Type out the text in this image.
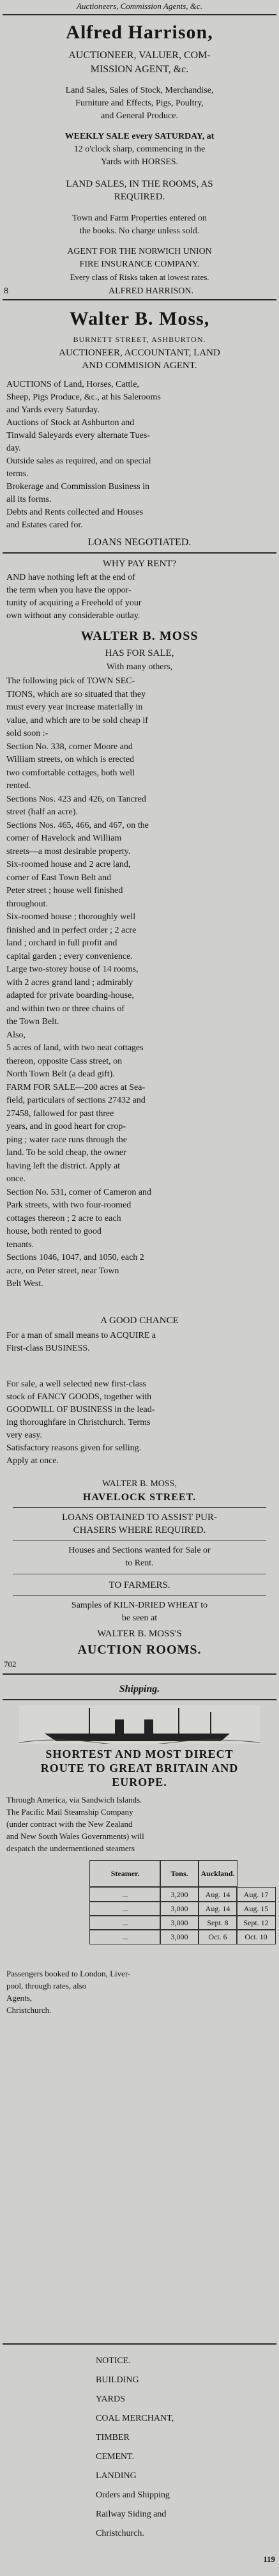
Auctioneers, Commission Agents, &c.
Alfred Harrison,
AUCTIONEER, VALUER, COM-
MISSION AGENT, &c.
Land Sales, Sales of Stock, Merchandise,
Furniture and Effects, Pigs, Poultry,
and General Produce.
WEEKLY SALE every SATURDAY, at
12 o'clock sharp, commencing in the
Yards with HORSES.
LAND SALES, IN THE ROOMS, AS
REQUIRED.
Town and Farm Properties entered on
the books. No charge unless sold.
AGENT FOR THE NORWICH UNION
FIRE INSURANCE COMPANY.
Every class of Risks taken at lowest rates.
8	ALFRED HARRISON.
Walter B. Moss,
BURNETT STREET, ASHBURTON.
AUCTIONEER, ACCOUNTANT, LAND
AND COMMISION AGENT.
AUCTIONS of Land, Horses, Cattle,
Sheep, Pigs Produce, &c., at his Salerooms
and Yards every Saturday.
Auctions of Stock at Ashburton and
Tinwald Saleyards every alternate Tues-
day.
Outside sales as required, and on special
terms.
Brokerage and Commission Business in
all its forms.
Debts and Rents collected and Houses
and Estates cared for.
LOANS NEGOTIATED.
WHY PAY RENT?
AND have nothing left at the end of
the term when you have the oppor-
tunity of acquiring a Freehold of your
own without any considerable outlay.
WALTER B. MOSS
HAS FOR SALE,
With many others,
The following pick of TOWN SEC-
TIONS, which are so situated that they
must every year increase materially in
value, and which are to be sold cheap if
sold soon :-
Section No. 338, corner Moore and
William streets, on which is erected
two comfortable cottages, both well
rented.
Sections Nos. 423 and 426, on Tancred
street (half an acre).
Sections Nos. 465, 466, and 467, on the
corner of Havelock and William
streets—a most desirable property.
Six-roomed house and 2 acre land,
corner of East Town Belt and
Peter street ; house well finished
throughout.
Six-roomed house ; thoroughly well
finished and in perfect order ; 2 acre
land ; orchard in full profit and
capital garden ; every convenience.
Large two-storey house of 14 rooms,
with 2 acres grand land ; admirably
adapted for private boarding-house,
and within two or three chains of
the Town Belt.
Also,
5 acres of land, with two neat cottages
thereon, opposite Cass street, on
North Town Belt (a dead gift).
FARM FOR SALE—200 acres at Sea-
field, particulars of sections 27432 and
27458, fallowed for past three
years, and in good heart for crop-
ping ; water race runs through the
land. To be sold cheap, the owner
having left the district. Apply at
once.
Section No. 531, corner of Cameron and
Park streets, with two four-roomed
cottages thereon ; 2 acre to each
house, both rented to good
tenants.
Sections 1046, 1047, and 1050, each 2
acre, on Peter street, near Town
Belt West.
A GOOD CHANCE
For a man of small means to ACQUIRE a
First-class BUSINESS.
For sale, a well selected new first-class
stock of FANCY GOODS, together with
GOODWILL OF BUSINESS in the lead-
ing thoroughfare in Christchurch. Terms
very easy.
Satisfactory reasons given for selling.
Apply at once.
WALTER B. MOSS,
HAVELOCK STREET.
LOANS OBTAINED TO ASSIST PUR-
CHASERS WHERE REQUIRED.
Houses and Sections wanted for Sale or
to Rent.
TO FARMERS.
Samples of KILN-DRIED WHEAT to
be seen at
WALTER B. MOSS'S
AUCTION ROOMS.
702
Shipping.
SHORTEST AND MOST DIRECT
ROUTE TO GREAT BRITAIN AND
EUROPE.
Through America, via Sandwich Islands.
The Pacific Mail Steamship Company
(under contract with the New Zealand
and New South Wales Governments) will
despatch the undermentioned steamers
Steamer.	Tons.	Auckland.
...	3,200	Aug. 14	Aug. 17
...	3,000	Aug. 14	Aug. 15
...	3,000	Sept. 8	Sept. 12
...	3,000	Oct. 6	Oct. 10
Passengers booked to London, Liver-
pool, through rates, also
Agents,
Christchurch.
NOTICE.
BUILDING
YARDS
COAL MERCHANT,
TIMBER
CEMENT.
LANDING
Orders and Shipping
Railway Siding and
Christchurch.
119
